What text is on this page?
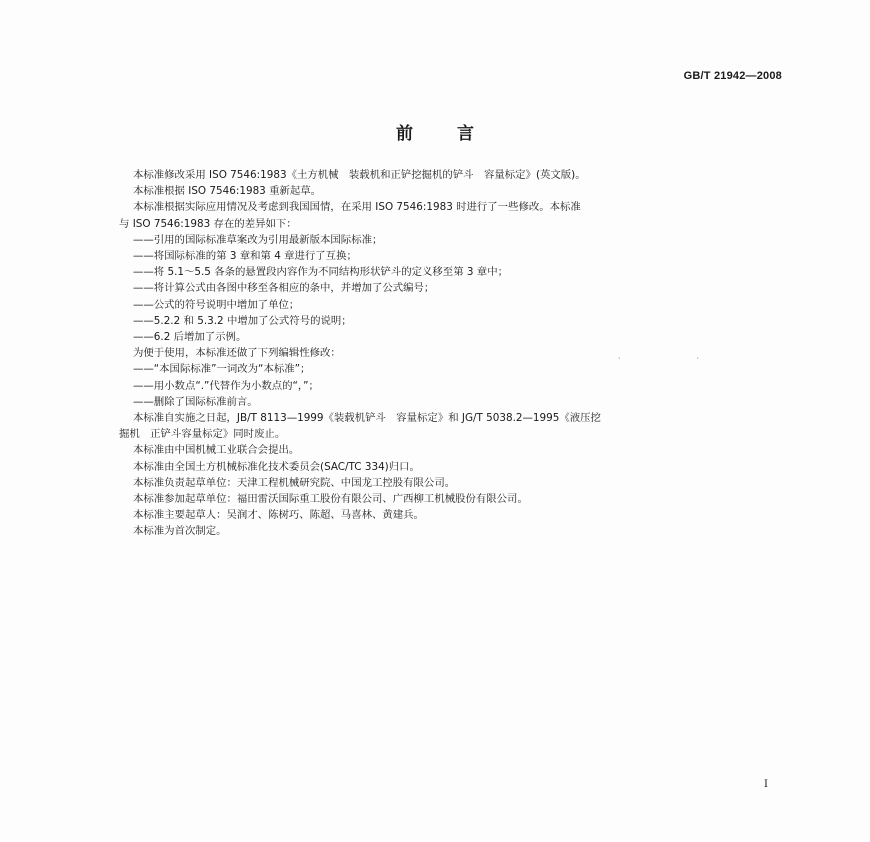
GB/T 21942—2008
前言

本标准修改采用 ISO 7546:1983《土方机械　装载机和正铲挖掘机的铲斗　容量标定》(英文版)。

本标准根据 ISO 7546:1983 重新起草。

本标准根据实际应用情况及考虑到我国国情，在采用 ISO 7546:1983 时进行了一些修改。本标准

与 ISO 7546:1983 存在的差异如下：

——引用的国际标准草案改为引用最新版本国际标准；

——将国际标准的第 3 章和第 4 章进行了互换；

——将 5.1～5.5 各条的悬置段内容作为不同结构形状铲斗的定义移至第 3 章中；

——将计算公式由各图中移至各相应的条中，并增加了公式编号；

——公式的符号说明中增加了单位；

——5.2.2 和 5.3.2 中增加了公式符号的说明；

——6.2 后增加了示例。

为便于使用，本标准还做了下列编辑性修改：

——“本国际标准”一词改为“本标准”；

——用小数点“.”代替作为小数点的“，”；

——删除了国际标准前言。

本标准自实施之日起，JB/T 8113—1999《装载机铲斗　容量标定》和 JG/T 5038.2—1995《液压挖

掘机　正铲斗容量标定》同时废止。

本标准由中国机械工业联合会提出。

本标准由全国土方机械标准化技术委员会(SAC/TC 334)归口。

本标准负责起草单位：天津工程机械研究院、中国龙工控股有限公司。

本标准参加起草单位：福田雷沃国际重工股份有限公司、广西柳工机械股份有限公司。

本标准主要起草人：吴润才、陈树巧、陈超、马喜林、黄建兵。

本标准为首次制定。

··
I
